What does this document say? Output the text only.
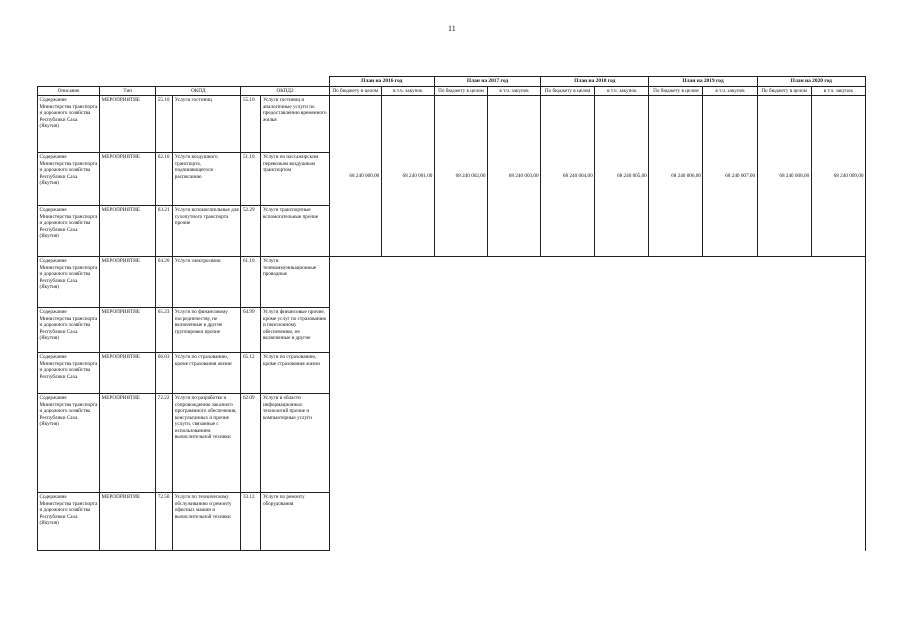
11
						План на 2016 год		План на 2017 год		План на 2018 год		План на 2019 год		План на 2020 год	
Описание	Тип	ОКПД		ОКПД2		По бюджету в целом	в т.ч. закупок	По бюджету в целом	в т.ч. закупок	По бюджету в целом	в т.ч. закупок	По бюджету в целом	в т.ч. закупок	По бюджету в целом	в т.ч. закупок
Содержание Министерства транспорта и дорожного хозяйства Республики Саха (Якутия)	МЕРОПРИЯТИЕ	55.10	Услуги гостиниц	55.10	Услуги гостиниц и аналогичные услуги по предоставлению временного жилья	68 240 000,00	68 240 001,00	68 240 002,00	68 240 003,00	68 240 004,00	68 240 005,00	68 240 006,00	68 240 007,00	68 240 008,00	68 240 009,00
Содержание Министерства транспорта и дорожного хозяйства Республики Саха (Якутия)	МЕРОПРИЯТИЕ	62.10	Услуги воздушного транспорта, подчиняющегося расписанию	51.10	Услуги по пассажирским перевозкам воздушным транспортом										
Содержание Министерства транспорта и дорожного хозяйства Республики Саха (Якутия)	МЕРОПРИЯТИЕ	63.21	Услуги вспомогательные для сухопутного транспорта прочие	52.29	Услуги транспортные вспомогательные прочие										
Содержание Министерства транспорта и дорожного хозяйства Республики Саха (Якутия)	МЕРОПРИЯТИЕ	64.20	Услуги электросвязи	61.10	Услуги телекоммуникационные проводные										
Содержание Министерства транспорта и дорожного хозяйства Республики Саха (Якутия)	МЕРОПРИЯТИЕ	65.23	Услуги по финансовому посредничеству, не включенные в другие группировки прочие	64.99	Услуги финансовые прочие, кроме услуг по страхованию и пенсионному обеспечению, не включенные в другие										
Содержание Министерства транспорта и дорожного хозяйства Республики Саха	МЕРОПРИЯТИЕ	66.03	Услуги по страхованию, кроме страхования жизни	65.12	Услуги по страхованию, кроме страхования жизни										
Содержание Министерства транспорта и дорожного хозяйства Республики Саха (Якутия)	МЕРОПРИЯТИЕ	72.22	Услуги по разработке и сопровождению заказного программного обеспечения, консультанных и прочие услуги, связанные с использованием вычислительной техники	62.09	Услуги в области информационных технологий прочие и компьютерные услуги										
Содержание Министерства транспорта и дорожного хозяйства Республики Саха (Якутия)	МЕРОПРИЯТИЕ	72.50	Услуги по техническому обслуживанию и ремонту офисных машин и вычислительной техники	33.12	Услуги по ремонту оборудования										
